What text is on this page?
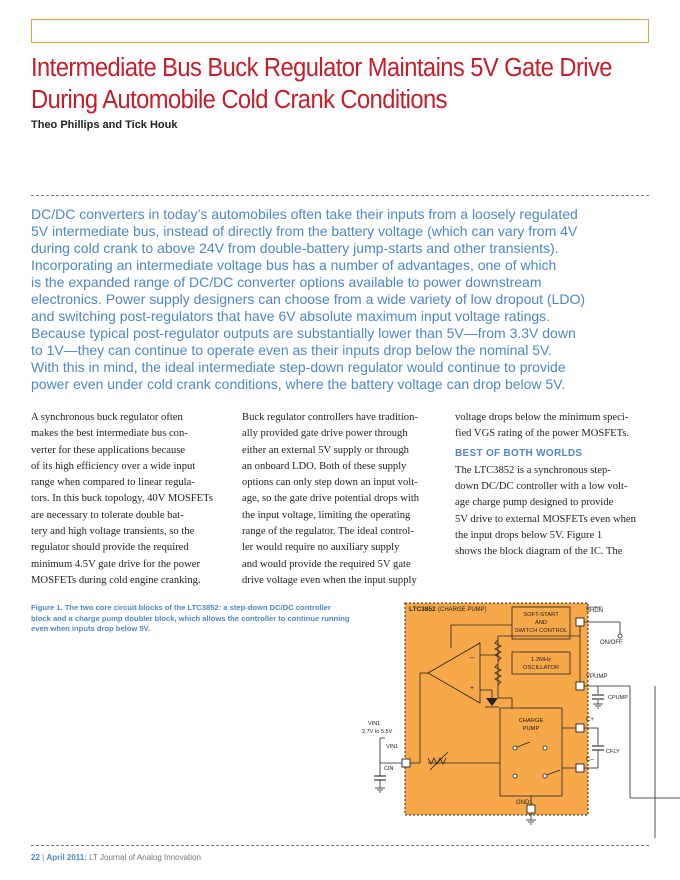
Intermediate Bus Buck Regulator Maintains 5V Gate Drive
During Automobile Cold Crank Conditions
Theo Phillips and Tick Houk
DC/DC converters in today’s automobiles often take their inputs from a loosely regulated
5V intermediate bus, instead of directly from the battery voltage (which can vary from 4V
during cold crank to above 24V from double-battery jump-starts and other transients).
Incorporating an intermediate voltage bus has a number of advantages, one of which
is the expanded range of DC/DC converter options available to power downstream
electronics. Power supply designers can choose from a wide variety of low dropout (LDO)
and switching post-regulators that have 6V absolute maximum input voltage ratings.
Because typical post-regulator outputs are substantially lower than 5V—from 3.3V down
to 1V—they can continue to operate even as their inputs drop below the nominal 5V.
With this in mind, the ideal intermediate step-down regulator would continue to provide
power even under cold crank conditions, where the battery voltage can drop below 5V.
A synchronous buck regulator often
makes the best intermediate bus con-
verter for these applications because
of its high efficiency over a wide input
range when compared to linear regula-
tors. In this buck topology, 40V MOSFETs
are necessary to tolerate double bat-
tery and high voltage transients, so the
regulator should provide the required
minimum 4.5V gate drive for the power
MOSFETs during cold engine cranking.
Buck regulator controllers have tradition-
ally provided gate drive power through
either an external 5V supply or through
an onboard LDO. Both of these supply
options can only step down an input volt-
age, so the gate drive potential drops with
the input voltage, limiting the operating
range of the regulator. The ideal control-
ler would require no auxiliary supply
and would provide the required 5V gate
drive voltage even when the input supply
voltage drops below the minimum speci-
fied VGS rating of the power MOSFETs.
BEST OF BOTH WORLDS
The LTC3852 is a synchronous step-
down DC/DC controller with a low volt-
age charge pump designed to provide
5V drive to external MOSFETs even when
the input drops below 5V. Figure 1
shows the block diagram of the IC. The
Figure 1. The two core circuit blocks of the LTC3852: a step-down DC/DC controller
block and a charge pump doubler block, which allows the controller to continue running
even when inputs drop below 5V.
LTC3852 (CHARGE PUMP)
SOFT-START
AND
SWITCH CONTROL
1.2MHz
OSCILLATOR
CHARGE
PUMP
–
+
SHDN
ON/OFF
VPUMP
CPUMP
C+
C–
CFLY
VIN1
2.7V to 5.5V
VIN1
CIN
GND1
22 | April 2011: LT Journal of Analog Innovation
